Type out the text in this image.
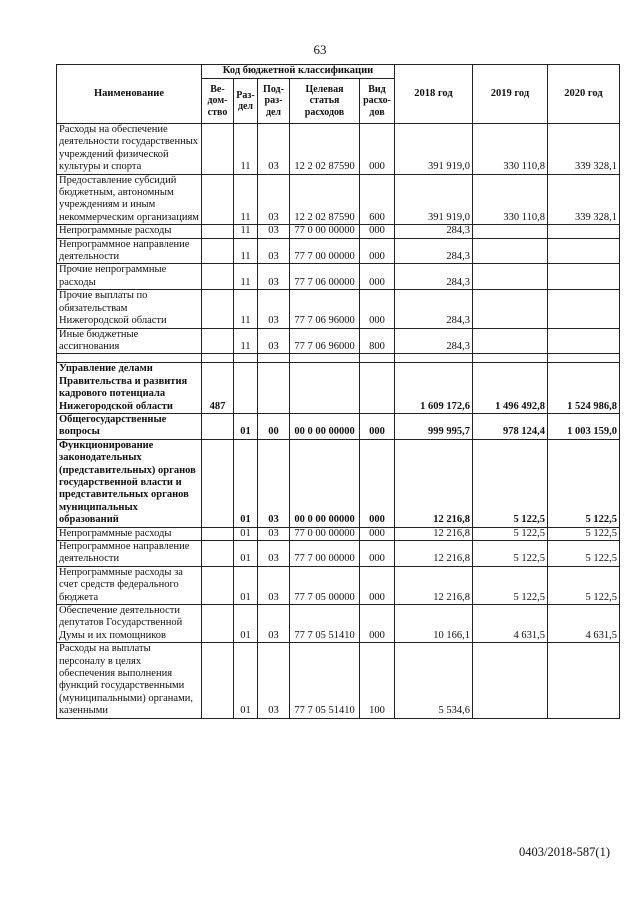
63
Наименование	Код бюджетной классификации					2018 год	2019 год	2020 год
	Ве-дом-ство	Раз-дел	Под-раз-дел	Целевая статья расходов	Вид расхо-дов			
Расходы на обеспечение деятельности государственных учреждений физической культуры и спорта		11	03	12 2 02 87590	000	391 919,0	330 110,8	339 328,1
Предоставление субсидий бюджетным, автономным учреждениям и иным некоммерческим организациям		11	03	12 2 02 87590	600	391 919,0	330 110,8	339 328,1
Непрограммные расходы		11	03	77 0 00 00000	000	284,3		
Непрограммное направление деятельности		11	03	77 7 00 00000	000	284,3		
Прочие непрограммные расходы		11	03	77 7 06 00000	000	284,3		
Прочие выплаты по обязательствам Нижегородской области		11	03	77 7 06 96000	000	284,3		
Иные бюджетные ассигнования		11	03	77 7 06 96000	800	284,3		

Управление делами Правительства и развития кадрового потенциала Нижегородской области	487					1 609 172,6	1 496 492,8	1 524 986,8
Общегосударственные вопросы		01	00	00 0 00 00000	000	999 995,7	978 124,4	1 003 159,0
Функционирование законодательных (представительных) органов государственной власти и представительных органов муниципальных образований		01	03	00 0 00 00000	000	12 216,8	5 122,5	5 122,5
Непрограммные расходы		01	03	77 0 00 00000	000	12 216,8	5 122,5	5 122,5
Непрограммное направление деятельности		01	03	77 7 00 00000	000	12 216,8	5 122,5	5 122,5
Непрограммные расходы за счет средств федерального бюджета		01	03	77 7 05 00000	000	12 216,8	5 122,5	5 122,5
Обеспечение деятельности депутатов Государственной Думы и их помощников		01	03	77 7 05 51410	000	10 166,1	4 631,5	4 631,5
Расходы на выплаты персоналу в целях обеспечения выполнения функций государственными (муниципальными) органами, казенными		01	03	77 7 05 51410	100	5 534,6		
0403/2018-587(1)
